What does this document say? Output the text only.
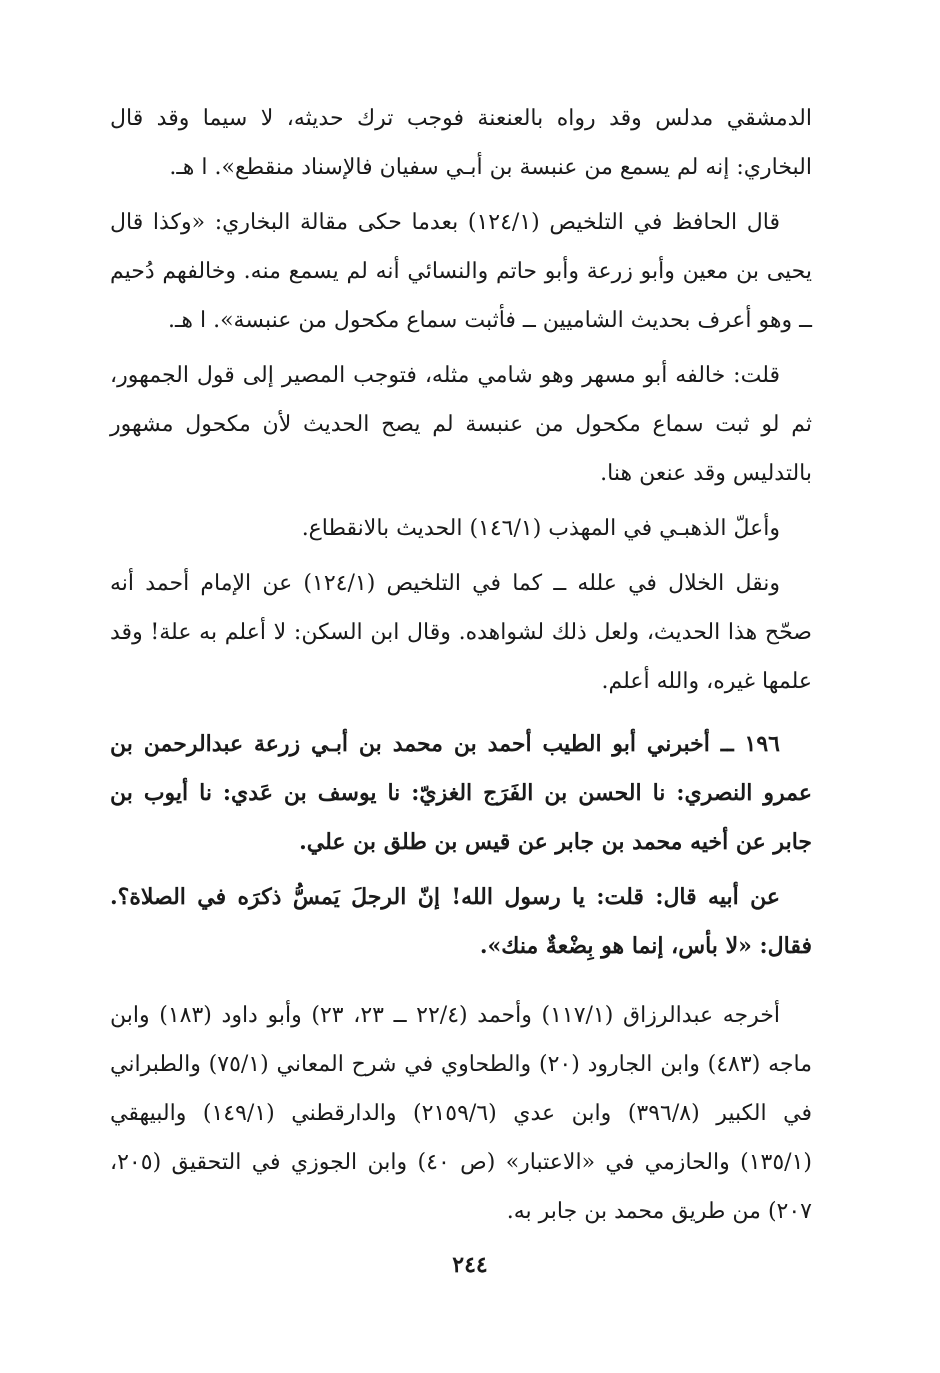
الدمشقي مدلس وقد رواه بالعنعنة فوجب ترك حديثه، لا سيما وقد قال البخاري: إنه لم يسمع من عنبسة بن أبـي سفيان فالإسناد منقطع». ا هـ.

قال الحافظ في التلخيص (١٢٤/١) بعدما حكى مقالة البخاري: «وكذا قال يحيى بن معين وأبو زرعة وأبو حاتم والنسائي أنه لم يسمع منه. وخالفهم دُحيم ــ وهو أعرف بحديث الشاميين ــ فأثبت سماع مكحول من عنبسة». ا هـ.

قلت: خالفه أبو مسهر وهو شامي مثله، فتوجب المصير إلى قول الجمهور، ثم لو ثبت سماع مكحول من عنبسة لم يصح الحديث لأن مكحول مشهور بالتدليس وقد عنعن هنا.

وأعلّ الذهبـي في المهذب (١٤٦/١) الحديث بالانقطاع.

ونقل الخلال في علله ــ كما في التلخيص (١٢٤/١) عن الإمام أحمد أنه صحّح هذا الحديث، ولعل ذلك لشواهده. وقال ابن السكن: لا أعلم به علة! وقد علمها غيره، والله أعلم.

١٩٦ ــ أخبرني أبو الطيب أحمد بن محمد بن أبـي زرعة عبدالرحمن بن عمرو النصري: نا الحسن بن الفَرَج الغزيّ: نا يوسف بن عَدي: نا أيوب بن جابر عن أخيه محمد بن جابر عن قيس بن طلق بن علي.

عن أبيه قال: قلت: يا رسول الله! إنّ الرجلَ يَمسُّ ذكرَه في الصلاة؟. فقال: «لا بأس، إنما هو بِضْعةٌ منك».

أخرجه عبدالرزاق (١١٧/١) وأحمد (٢٢/٤ ــ ٢٣، ٢٣) وأبو داود (١٨٣) وابن ماجه (٤٨٣) وابن الجارود (٢٠) والطحاوي في شرح المعاني (٧٥/١) والطبراني في الكبير (٣٩٦/٨) وابن عدي (٢١٥٩/٦) والدارقطني (١٤٩/١) والبيهقي (١٣٥/١) والحازمي في «الاعتبار» (ص ٤٠) وابن الجوزي في التحقيق (٢٠٥، ٢٠٧) من طريق محمد بن جابر به.

٢٤٤
